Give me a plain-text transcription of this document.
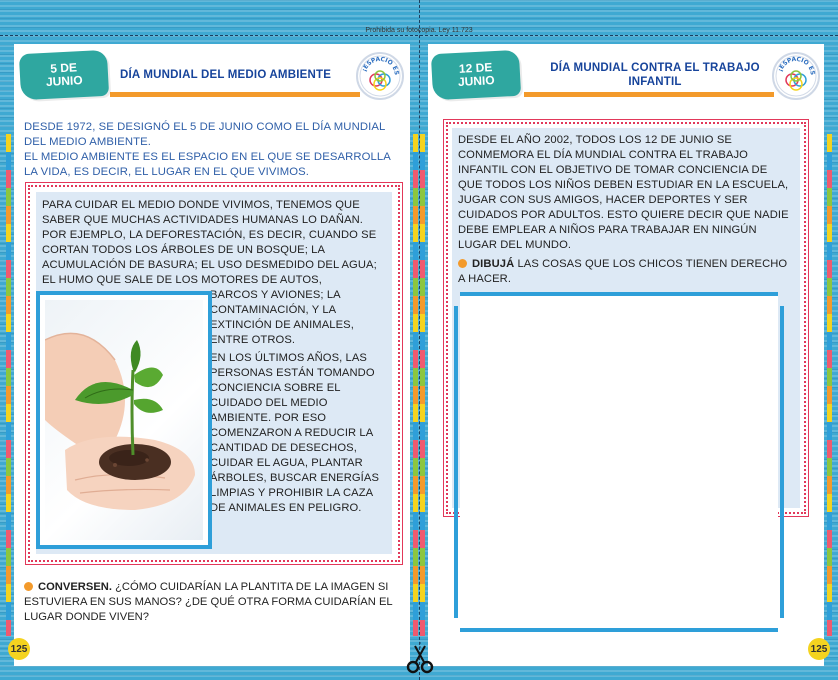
Prohibida su fotocopia. Ley 11.723
5 DE JUNIO	DÍA MUNDIAL DEL MEDIO AMBIENTE	¡ESPACIO ES
DESDE 1972, SE DESIGNÓ EL 5 DE JUNIO COMO EL DÍA MUNDIAL DEL MEDIO AMBIENTE.
EL MEDIO AMBIENTE ES EL ESPACIO EN EL QUE SE DESARROLLA LA VIDA, ES DECIR, EL LUGAR EN EL QUE VIVIMOS.
PARA CUIDAR EL MEDIO DONDE VIVIMOS, TENEMOS QUE SABER QUE MUCHAS ACTIVIDADES HUMANAS LO DAÑAN. POR EJEMPLO, LA DEFORESTACIÓN, ES DECIR, CUANDO SE CORTAN TODOS LOS ÁRBOLES DE UN BOSQUE; LA ACUMULACIÓN DE BASURA; EL USO DESMEDIDO DEL AGUA; EL HUMO QUE SALE DE LOS MOTORES DE AUTOS,
BARCOS Y AVIONES; LA CONTAMINACIÓN, Y LA EXTINCIÓN DE ANIMALES, ENTRE OTROS.
EN LOS ÚLTIMOS AÑOS, LAS PERSONAS ESTÁN TOMANDO CONCIENCIA SOBRE EL CUIDADO DEL MEDIO AMBIENTE. POR ESO COMENZARON A REDUCIR LA CANTIDAD DE DESECHOS, CUIDAR EL AGUA, PLANTAR ÁRBOLES, BUSCAR ENERGÍAS LIMPIAS Y PROHIBIR LA CAZA DE ANIMALES EN PELIGRO.
CONVERSEN. ¿CÓMO CUIDARÍAN LA PLANTITA DE LA IMAGEN SI ESTUVIERA EN SUS MANOS? ¿DE QUÉ OTRA FORMA CUIDARÍAN EL LUGAR DONDE VIVEN?
125
12 DE JUNIO
DÍA MUNDIAL CONTRA EL TRABAJO INFANTIL
¡ESPACIO ES
DESDE EL AÑO 2002, TODOS LOS 12 DE JUNIO SE CONMEMORA EL DÍA MUNDIAL CONTRA EL TRABAJO INFANTIL CON EL OBJETIVO DE TOMAR CONCIENCIA DE QUE TODOS LOS NIÑOS DEBEN ESTUDIAR EN LA ESCUELA, JUGAR CON SUS AMIGOS, HACER DEPORTES Y SER CUIDADOS POR ADULTOS. ESTO QUIERE DECIR QUE NADIE DEBE EMPLEAR A NIÑOS PARA TRABAJAR EN NINGÚN LUGAR DEL MUNDO.
DIBUJÁ LAS COSAS QUE LOS CHICOS TIENEN DERECHO A HACER.
125
